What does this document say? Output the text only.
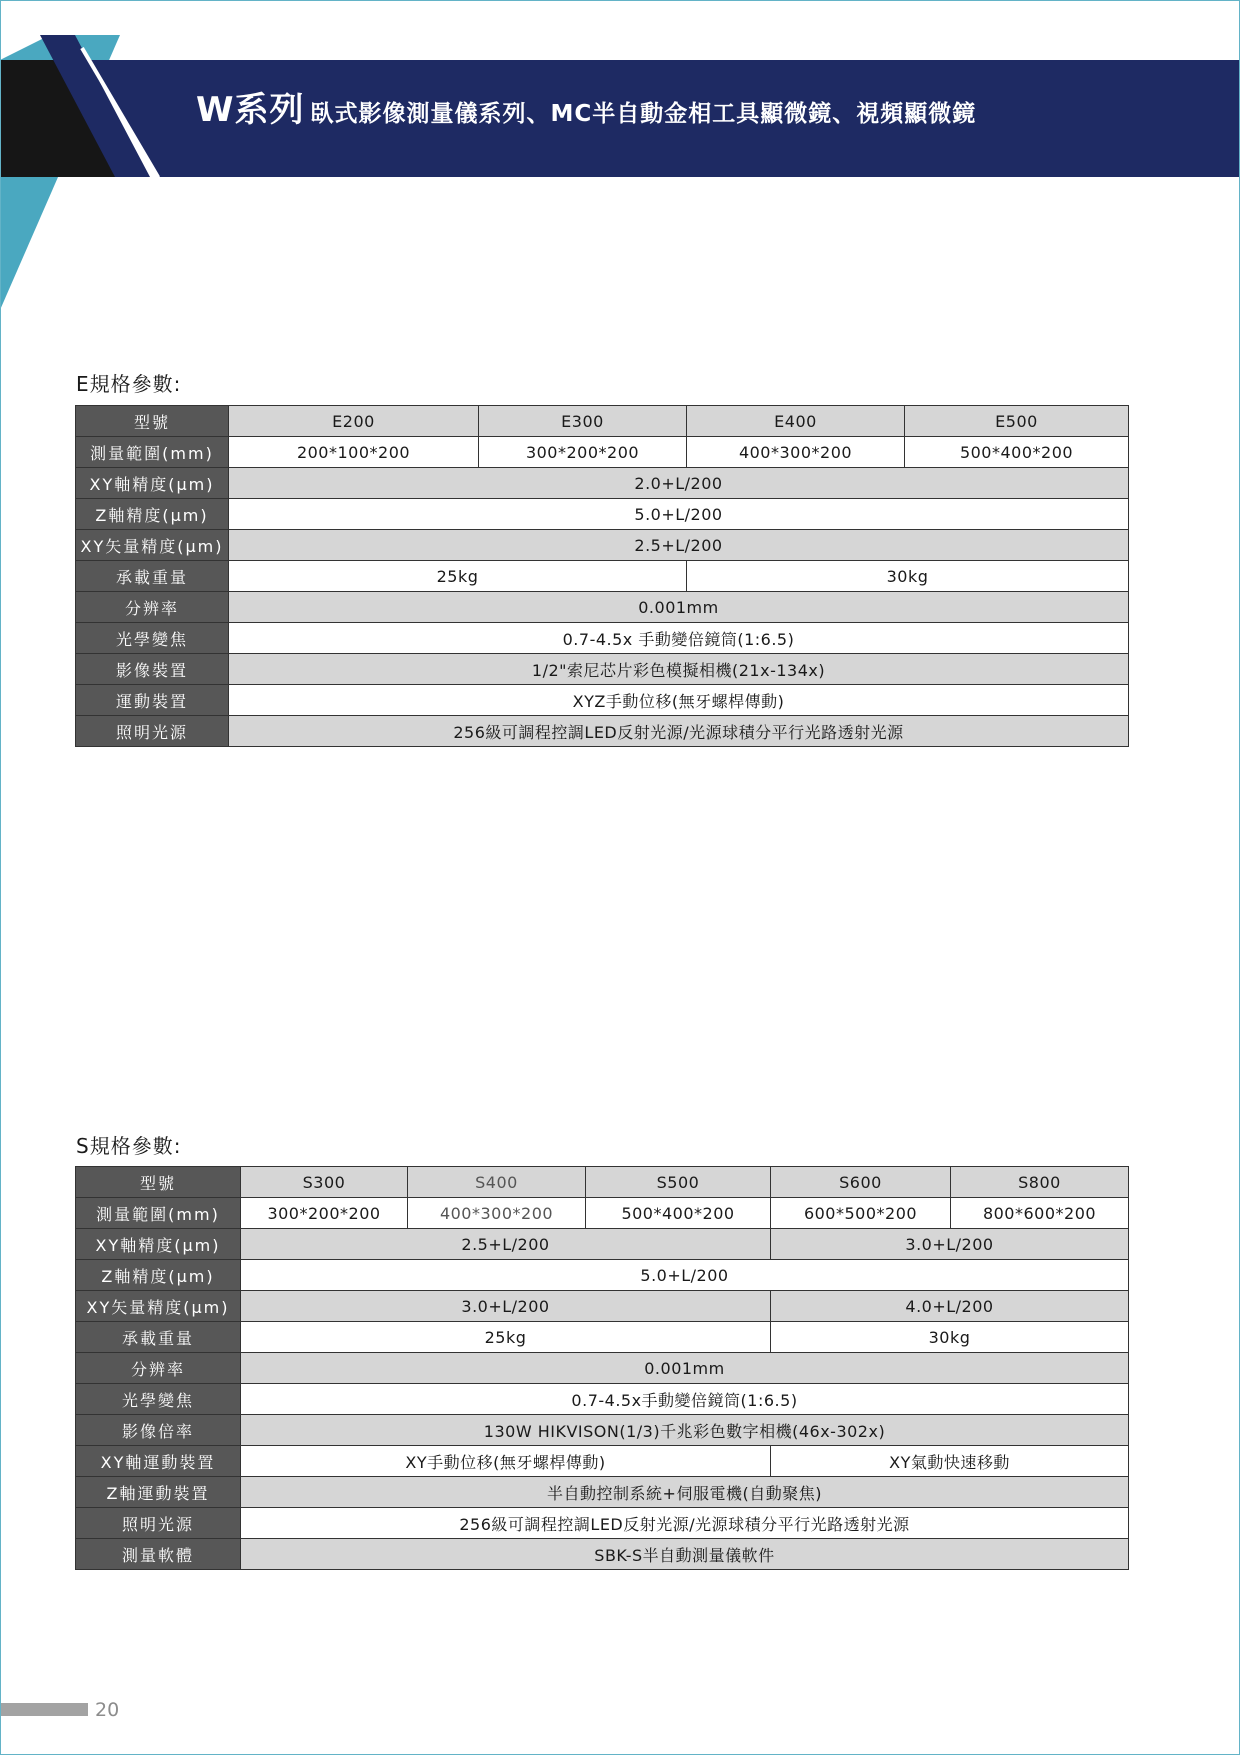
W系列 臥式影像測量儀系列、MC半自動金相工具顯微鏡、視頻顯微鏡
E規格參數:
型號	E200	E300	E400	E500
測量範圍(mm)	200*100*200	300*200*200	400*300*200	500*400*200
XY軸精度(μm)	2.0+L/200			
Z軸精度(μm)	5.0+L/200			
XY矢量精度(μm)	2.5+L/200			
承載重量	25kg		30kg	
分辨率	0.001mm			
光學變焦	0.7-4.5x 手動變倍鏡筒(1:6.5)			
影像裝置	1/2"索尼芯片彩色模擬相機(21x-134x)			
運動裝置	XYZ手動位移(無牙螺桿傳動)			
照明光源	256級可調程控調LED反射光源/光源球積分平行光路透射光源			
S規格參數:
型號	S300	S400	S500	S600	S800
測量範圍(mm)	300*200*200	400*300*200	500*400*200	600*500*200	800*600*200
XY軸精度(μm)	2.5+L/200			3.0+L/200	
Z軸精度(μm)	5.0+L/200				
XY矢量精度(μm)	3.0+L/200			4.0+L/200	
承載重量	25kg			30kg	
分辨率	0.001mm				
光學變焦	0.7-4.5x手動變倍鏡筒(1:6.5)				
影像倍率	130W HIKVISON(1/3)千兆彩色數字相機(46x-302x)				
XY軸運動裝置	XY手動位移(無牙螺桿傳動)			XY氣動快速移動	
Z軸運動裝置	半自動控制系統+伺服電機(自動聚焦)				
照明光源	256級可調程控調LED反射光源/光源球積分平行光路透射光源				
測量軟體	SBK-S半自動測量儀軟件				
20
